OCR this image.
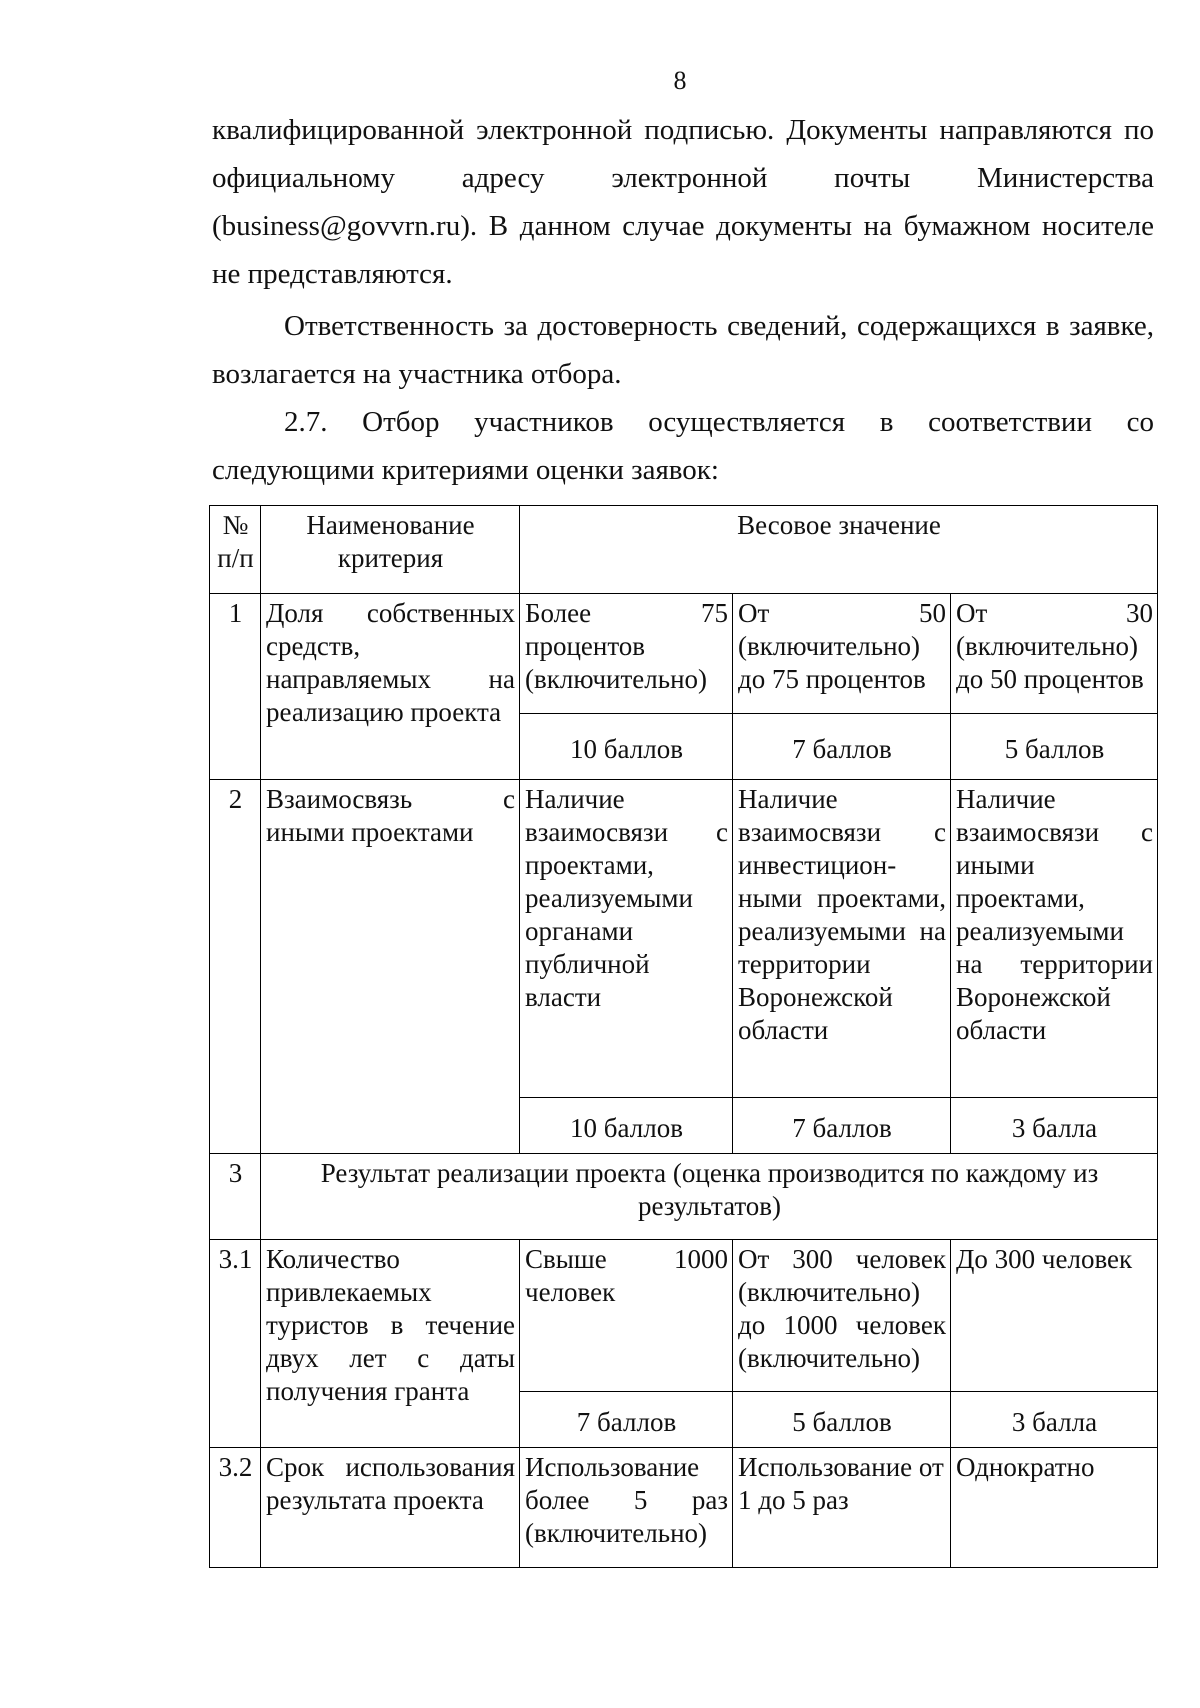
8
квалифицированной электронной подписью. Документы направляются по официальному адресу электронной почты Министерства (business@govvrn.ru). В данном случае документы на бумажном носителе не представляются.
Ответственность за достоверность сведений, содержащихся в заявке, возлагается на участника отбора.
2.7. Отбор участников осуществляется в соответствии со следующими критериями оценки заявок:
№ п/п	Наименование критерия	Весовое значение		
1	Доля собственных средств, направляемых на реализацию проекта	Более 75 процентов (включительно)	От 50 (включительно) до 75 процентов	От 30 (включительно) до 50 процентов
		10 баллов	7 баллов	5 баллов
2	Взаимосвязь с иными проектами	Наличие взаимосвязи с проектами, реализуемыми органами публичной власти	Наличие взаимосвязи с инвестицион-ными проектами, реализуемыми на территории Воронежской области	Наличие взаимосвязи с иными проектами, реализуемыми на территории Воронежской области
		10 баллов	7 баллов	3 балла
3	Результат реализации проекта (оценка производится по каждому из результатов)			
3.1	Количество привлекаемых туристов в течение двух лет с даты получения гранта	Свыше 1000 человек	От 300 человек (включительно) до 1000 человек (включительно)	До 300 человек
		7 баллов	5 баллов	3 балла
3.2	Срок использования результата проекта	Использование более 5 раз (включительно)	Использование от 1 до 5 раз	Однократно
